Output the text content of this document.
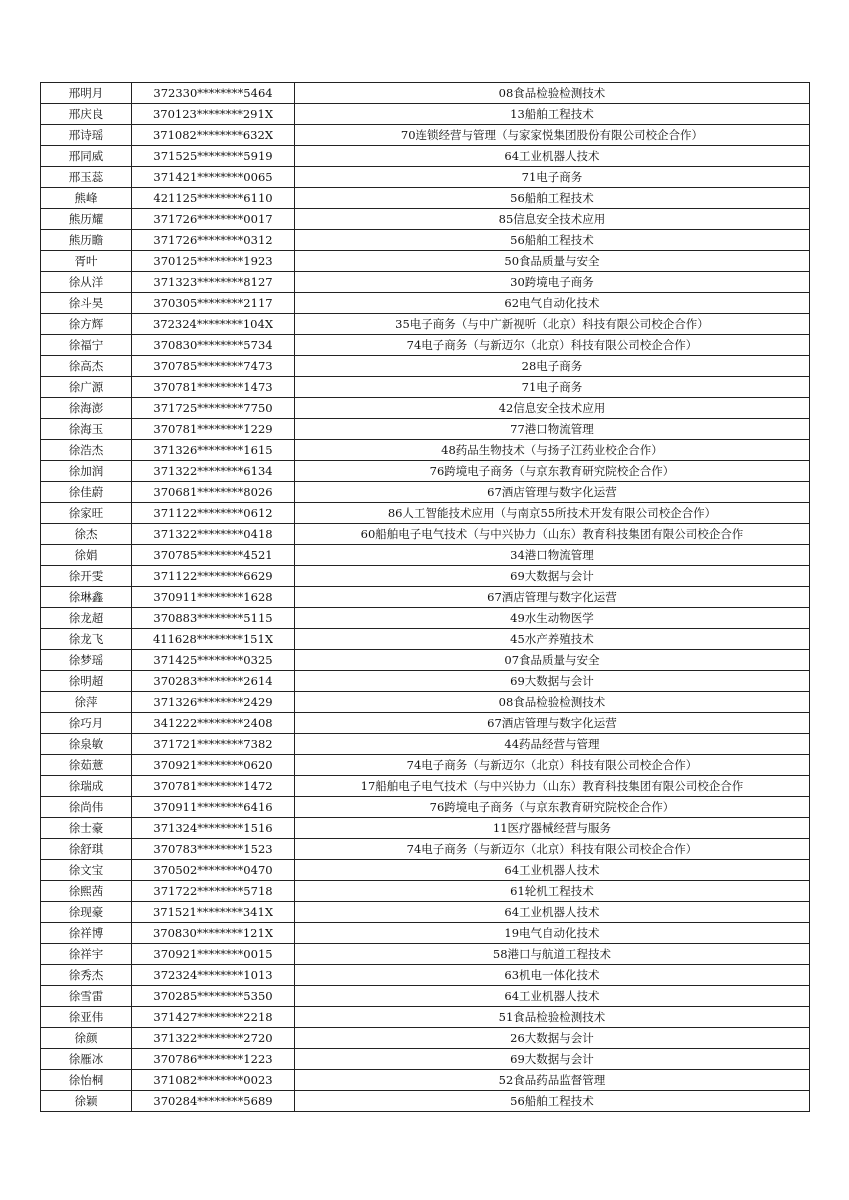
邢明月	372330********5464	08食品检验检测技术
邢庆良	370123********291X	13船舶工程技术
邢诗瑶	371082********632X	70连锁经营与管理（与家家悦集团股份有限公司校企合作）
邢同威	371525********5919	64工业机器人技术
邢玉蕊	371421********0065	71电子商务
熊峰	421125********6110	56船舶工程技术
熊历耀	371726********0017	85信息安全技术应用
熊历瞻	371726********0312	56船舶工程技术
胥叶	370125********1923	50食品质量与安全
徐从洋	371323********8127	30跨境电子商务
徐斗昊	370305********2117	62电气自动化技术
徐方辉	372324********104X	35电子商务（与中广新视听（北京）科技有限公司校企合作）
徐福宁	370830********5734	74电子商务（与新迈尔（北京）科技有限公司校企合作）
徐高杰	370785********7473	28电子商务
徐广源	370781********1473	71电子商务
徐海澎	371725********7750	42信息安全技术应用
徐海玉	370781********1229	77港口物流管理
徐浩杰	371326********1615	48药品生物技术（与扬子江药业校企合作）
徐加润	371322********6134	76跨境电子商务（与京东教育研究院校企合作）
徐佳蔚	370681********8026	67酒店管理与数字化运营
徐家旺	371122********0612	86人工智能技术应用（与南京55所技术开发有限公司校企合作）
徐杰	371322********0418	60船舶电子电气技术（与中兴协力（山东）教育科技集团有限公司校企合作
徐娟	370785********4521	34港口物流管理
徐开雯	371122********6629	69大数据与会计
徐琳鑫	370911********1628	67酒店管理与数字化运营
徐龙超	370883********5115	49水生动物医学
徐龙飞	411628********151X	45水产养殖技术
徐梦瑶	371425********0325	07食品质量与安全
徐明超	370283********2614	69大数据与会计
徐萍	371326********2429	08食品检验检测技术
徐巧月	341222********2408	67酒店管理与数字化运营
徐泉敏	371721********7382	44药品经营与管理
徐茹薏	370921********0620	74电子商务（与新迈尔（北京）科技有限公司校企合作）
徐瑞成	370781********1472	17船舶电子电气技术（与中兴协力（山东）教育科技集团有限公司校企合作
徐尚伟	370911********6416	76跨境电子商务（与京东教育研究院校企合作）
徐士豪	371324********1516	11医疗器械经营与服务
徐舒琪	370783********1523	74电子商务（与新迈尔（北京）科技有限公司校企合作）
徐文宝	370502********0470	64工业机器人技术
徐熙茜	371722********5718	61轮机工程技术
徐现豪	371521********341X	64工业机器人技术
徐祥博	370830********121X	19电气自动化技术
徐祥宇	370921********0015	58港口与航道工程技术
徐秀杰	372324********1013	63机电一体化技术
徐雪雷	370285********5350	64工业机器人技术
徐亚伟	371427********2218	51食品检验检测技术
徐颜	371322********2720	26大数据与会计
徐雁冰	370786********1223	69大数据与会计
徐怡桐	371082********0023	52食品药品监督管理
徐颖	370284********5689	56船舶工程技术
